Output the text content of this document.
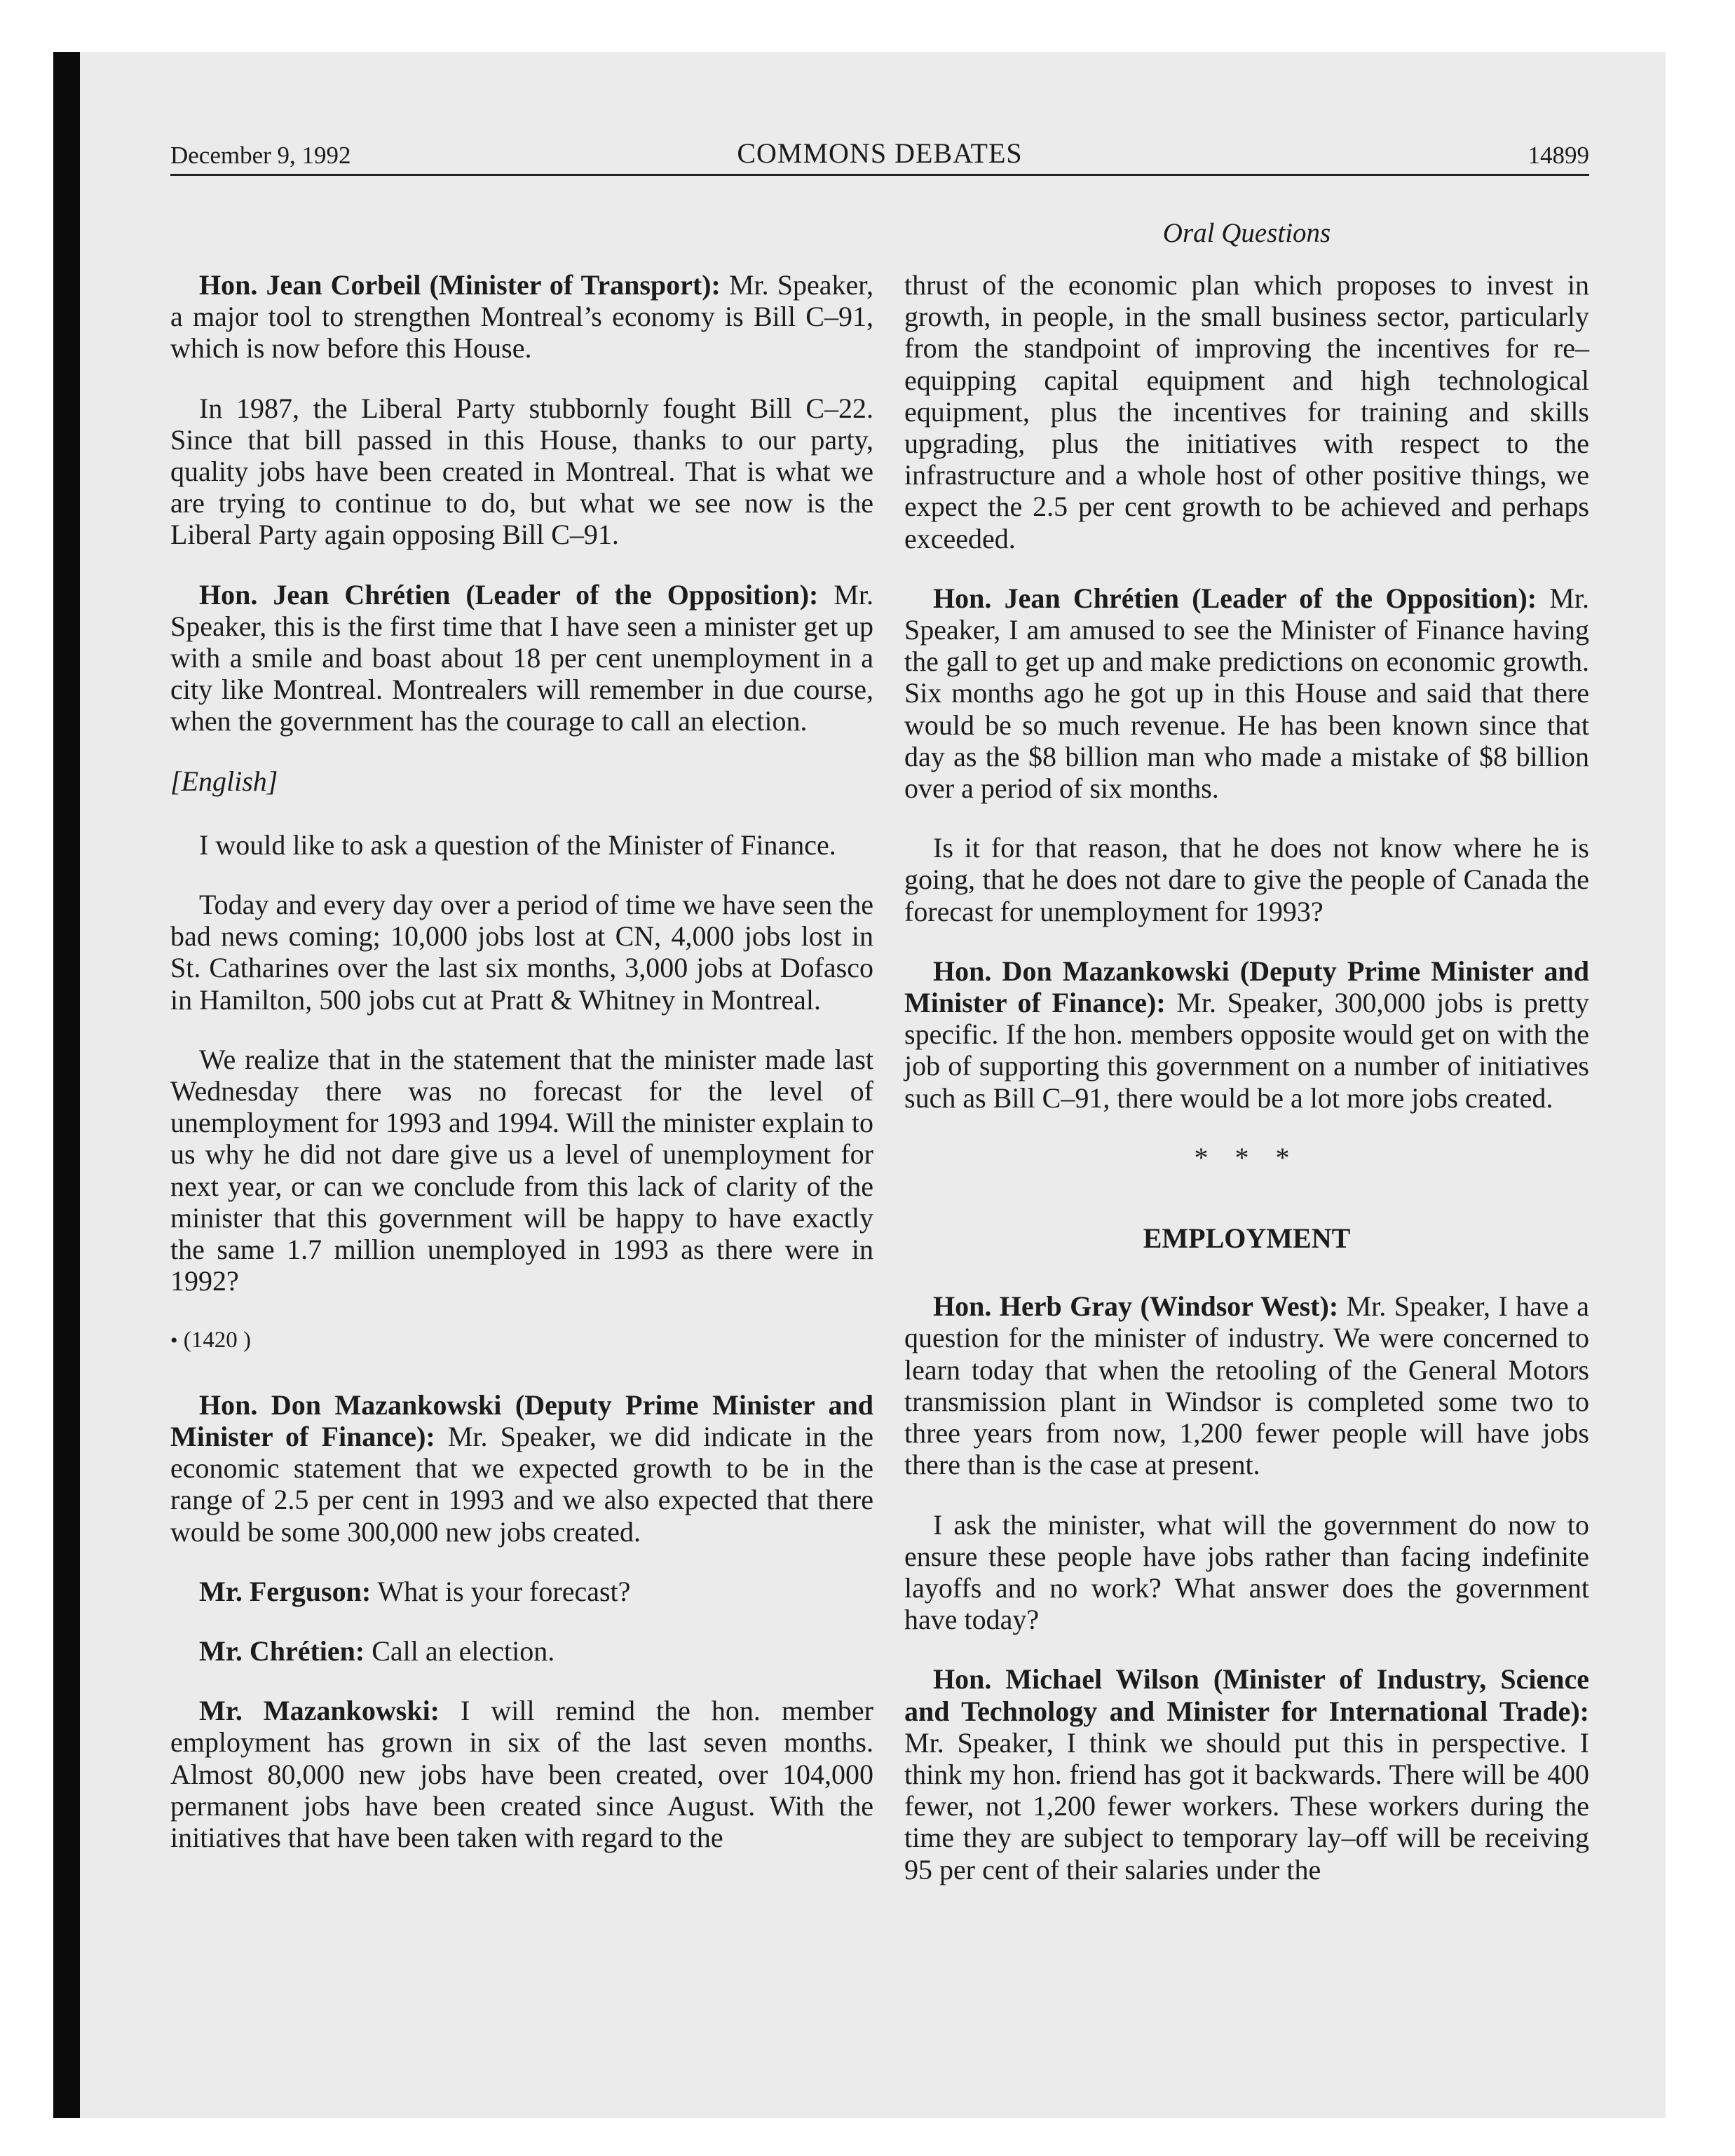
December 9, 1992	COMMONS DEBATES	14899
Oral Questions

Hon. Jean Corbeil (Minister of Transport): Mr. Speaker, a major tool to strengthen Montreal’s economy is Bill C–91, which is now before this House.

In 1987, the Liberal Party stubbornly fought Bill C–22. Since that bill passed in this House, thanks to our party, quality jobs have been created in Montreal. That is what we are trying to continue to do, but what we see now is the Liberal Party again opposing Bill C–91.

Hon. Jean Chrétien (Leader of the Opposition): Mr. Speaker, this is the first time that I have seen a minister get up with a smile and boast about 18 per cent unemployment in a city like Montreal. Montrealers will remember in due course, when the government has the courage to call an election.

[English]

I would like to ask a question of the Minister of Finance.

Today and every day over a period of time we have seen the bad news coming; 10,000 jobs lost at CN, 4,000 jobs lost in St. Catharines over the last six months, 3,000 jobs at Dofasco in Hamilton, 500 jobs cut at Pratt & Whitney in Montreal.

We realize that in the statement that the minister made last Wednesday there was no forecast for the level of unemployment for 1993 and 1994. Will the minister explain to us why he did not dare give us a level of unemployment for next year, or can we conclude from this lack of clarity of the minister that this government will be happy to have exactly the same 1.7 million unemployed in 1993 as there were in 1992?

• (1420 )

Hon. Don Mazankowski (Deputy Prime Minister and Minister of Finance): Mr. Speaker, we did indicate in the economic statement that we expected growth to be in the range of 2.5 per cent in 1993 and we also expected that there would be some 300,000 new jobs created.

Mr. Ferguson: What is your forecast?

Mr. Chrétien: Call an election.

Mr. Mazankowski: I will remind the hon. member employment has grown in six of the last seven months. Almost 80,000 new jobs have been created, over 104,000 permanent jobs have been created since August. With the initiatives that have been taken with regard to the

thrust of the economic plan which proposes to invest in growth, in people, in the small business sector, particularly from the standpoint of improving the incentives for re–equipping capital equipment and high technological equipment, plus the incentives for training and skills upgrading, plus the initiatives with respect to the infrastructure and a whole host of other positive things, we expect the 2.5 per cent growth to be achieved and perhaps exceeded.

Hon. Jean Chrétien (Leader of the Opposition): Mr. Speaker, I am amused to see the Minister of Finance having the gall to get up and make predictions on economic growth. Six months ago he got up in this House and said that there would be so much revenue. He has been known since that day as the $8 billion man who made a mistake of $8 billion over a period of six months.

Is it for that reason, that he does not know where he is going, that he does not dare to give the people of Canada the forecast for unemployment for 1993?

Hon. Don Mazankowski (Deputy Prime Minister and Minister of Finance): Mr. Speaker, 300,000 jobs is pretty specific. If the hon. members opposite would get on with the job of supporting this government on a number of initiatives such as Bill C–91, there would be a lot more jobs created.

* * *

EMPLOYMENT

Hon. Herb Gray (Windsor West): Mr. Speaker, I have a question for the minister of industry. We were concerned to learn today that when the retooling of the General Motors transmission plant in Windsor is completed some two to three years from now, 1,200 fewer people will have jobs there than is the case at present.

I ask the minister, what will the government do now to ensure these people have jobs rather than facing indefinite layoffs and no work? What answer does the government have today?

Hon. Michael Wilson (Minister of Industry, Science and Technology and Minister for International Trade): Mr. Speaker, I think we should put this in perspective. I think my hon. friend has got it backwards. There will be 400 fewer, not 1,200 fewer workers. These workers during the time they are subject to temporary lay–off will be receiving 95 per cent of their salaries under the
